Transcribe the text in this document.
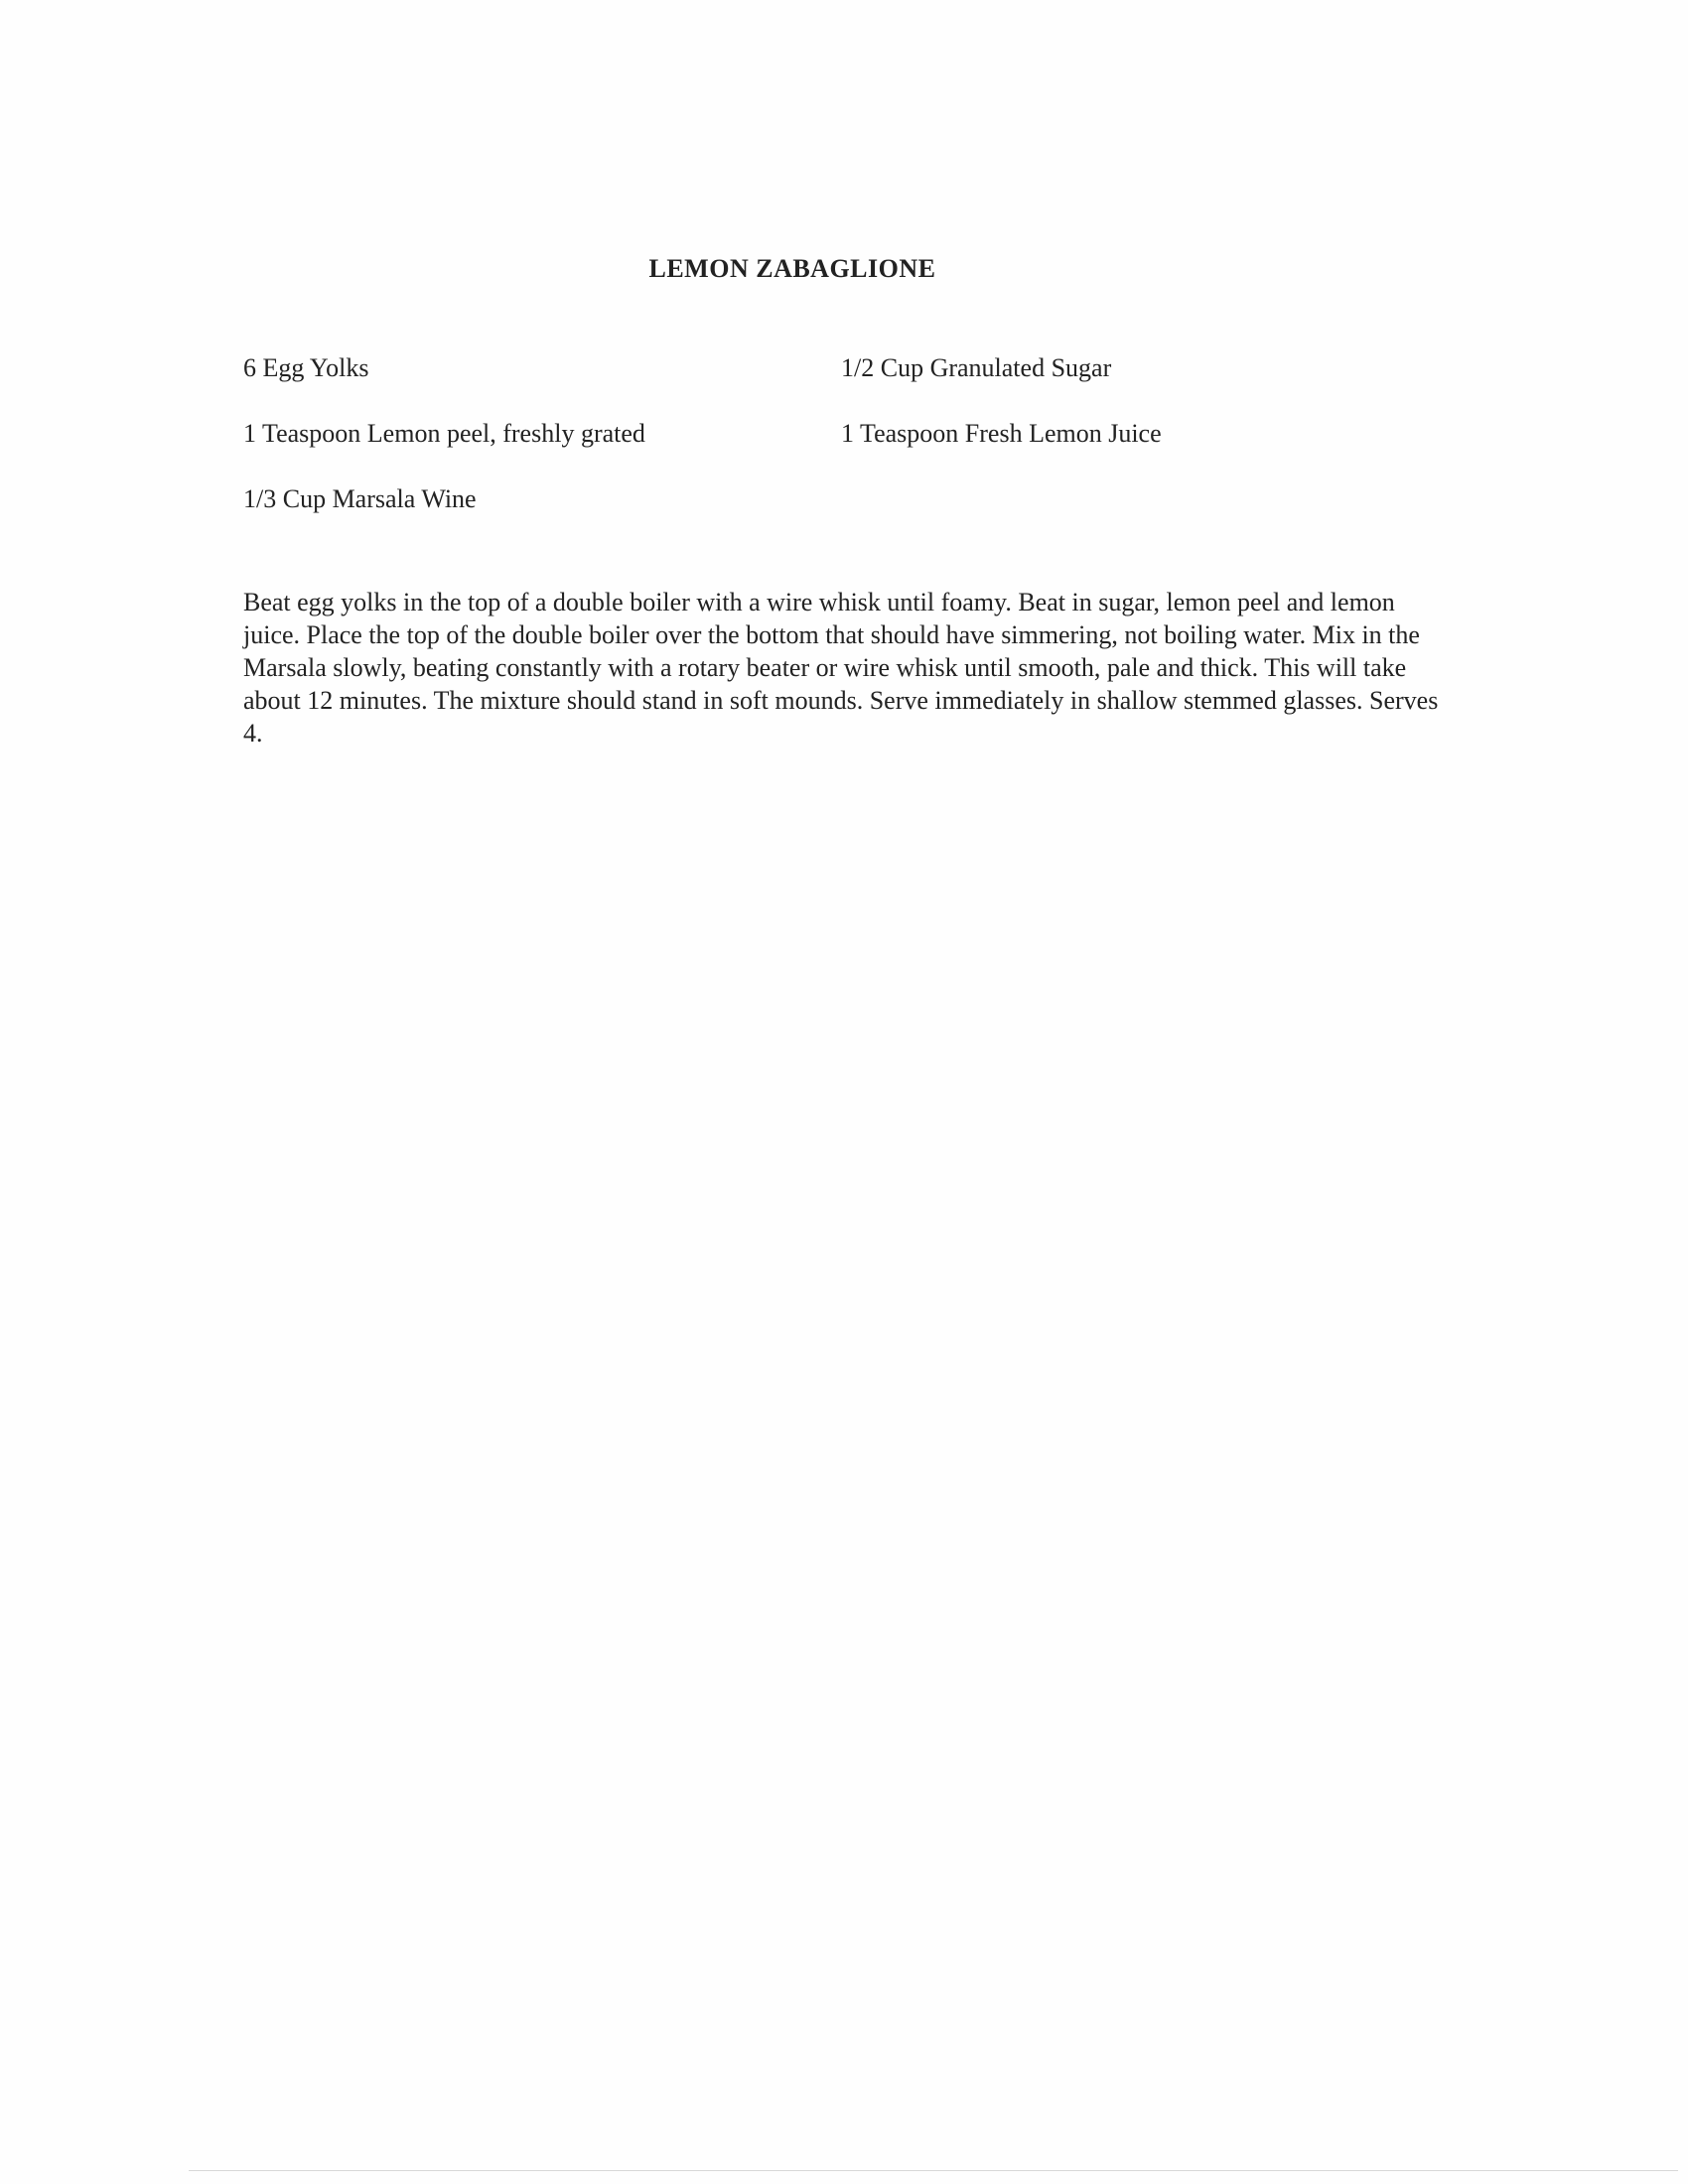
LEMON ZABAGLIONE
6 Egg Yolks	1/2 Cup Granulated Sugar
1 Teaspoon Lemon peel, freshly grated	1 Teaspoon Fresh Lemon Juice
1/3 Cup Marsala Wine
Beat egg yolks in the top of a double boiler with a wire whisk until foamy. Beat in sugar, lemon peel and lemon juice. Place the top of the double boiler over the bottom that should have simmering, not boiling water. Mix in the Marsala slowly, beating constantly with a rotary beater or wire whisk until smooth, pale and thick. This will take about 12 minutes. The mixture should stand in soft mounds. Serve immediately in shallow stemmed glasses. Serves 4.
